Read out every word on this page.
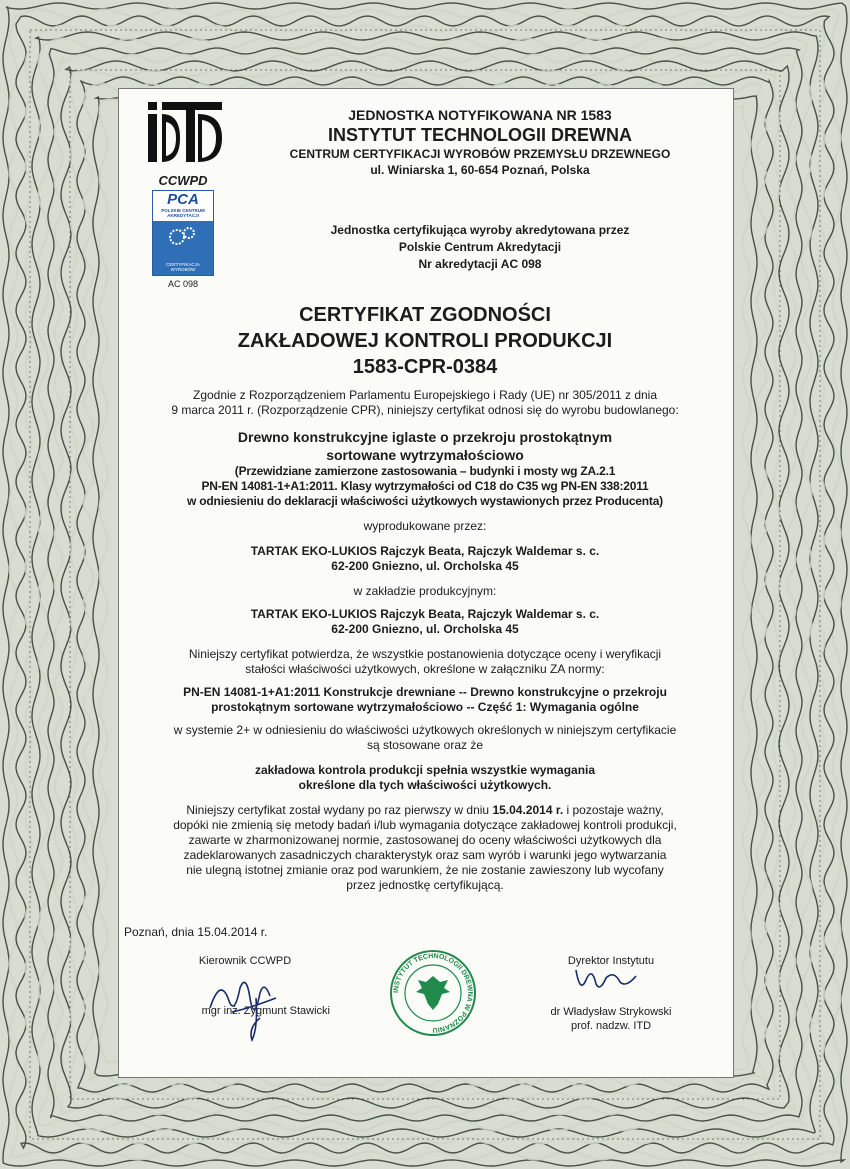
CCWPD
PCA
POLSKIE CENTRUM
AKREDYTACJI
CERTYFIKACJA
WYROBÓW
AC 098
JEDNOSTKA NOTYFIKOWANA NR 1583
INSTYTUT TECHNOLOGII DREWNA
CENTRUM CERTYFIKACJI WYROBÓW PRZEMYSŁU DRZEWNEGO
ul. Winiarska 1, 60-654 Poznań, Polska
Jednostka certyfikująca wyroby akredytowana przez
Polskie Centrum Akredytacji
Nr akredytacji AC 098
CERTYFIKAT ZGODNOŚCI
ZAKŁADOWEJ KONTROLI PRODUKCJI
1583-CPR-0384

Zgodnie z Rozporządzeniem Parlamentu Europejskiego i Rady (UE) nr 305/2011 z dnia

9 marca 2011 r. (Rozporządzenie CPR), niniejszy certyfikat odnosi się do wyrobu budowlanego:

Drewno konstrukcyjne iglaste o przekroju prostokątnym

sortowane wytrzymałościowo

(Przewidziane zamierzone zastosowania – budynki i mosty wg ZA.2.1

PN-EN 14081-1+A1:2011. Klasy wytrzymałości od C18 do C35 wg PN-EN 338:2011

w odniesieniu do deklaracji właściwości użytkowych wystawionych przez Producenta)

wyprodukowane przez:

TARTAK EKO-LUKIOS Rajczyk Beata, Rajczyk Waldemar s. c.

62-200 Gniezno, ul. Orcholska 45

w zakładzie produkcyjnym:

TARTAK EKO-LUKIOS Rajczyk Beata, Rajczyk Waldemar s. c.

62-200 Gniezno, ul. Orcholska 45

Niniejszy certyfikat potwierdza, że wszystkie postanowienia dotyczące oceny i weryfikacji

stałości właściwości użytkowych, określone w załączniku ZA normy:

PN-EN 14081-1+A1:2011 Konstrukcje drewniane -- Drewno konstrukcyjne o przekroju

prostokątnym sortowane wytrzymałościowo -- Część 1: Wymagania ogólne

w systemie 2+ w odniesieniu do właściwości użytkowych określonych w niniejszym certyfikacie

są stosowane oraz że

zakładowa kontrola produkcji spełnia wszystkie wymagania

określone dla tych właściwości użytkowych.

Niniejszy certyfikat został wydany po raz pierwszy w dniu 15.04.2014 r. i pozostaje ważny,

dopóki nie zmienią się metody badań i/lub wymagania dotyczące zakładowej kontroli produkcji,

zawarte w zharmonizowanej normie, zastosowanej do oceny właściwości użytkowych dla

zadeklarowanych zasadniczych charakterystyk oraz sam wyrób i warunki jego wytwarzania

nie ulegną istotnej zmianie oraz pod warunkiem, że nie zostanie zawieszony lub wycofany

przez jednostkę certyfikującą.

Poznań, dnia 15.04.2014 r.
Kierownik CCWPD
mgr inż. Zygmunt Stawicki
INSTYTUT TECHNOLOGII DREWNA W POZNANIU
Dyrektor Instytutu
dr Władysław Strykowski
prof. nadzw. ITD
